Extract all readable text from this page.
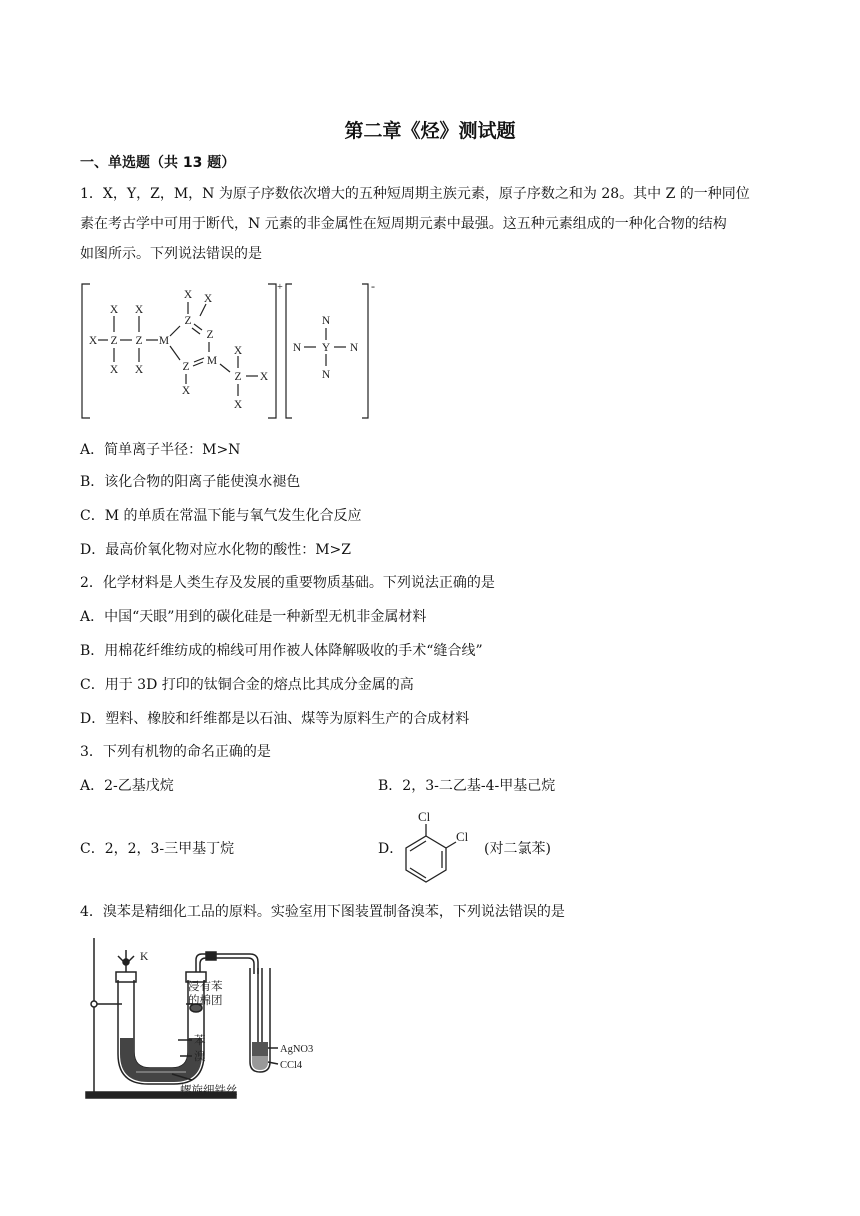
第二章《烃》测试题
一、单选题（共 13 题）
1．X，Y，Z，M，N 为原子序数依次增大的五种短周期主族元素，原子序数之和为 28。其中 Z 的一种同位
素在考古学中可用于断代，N 元素的非金属性在短周期元素中最强。这五种元素组成的一种化合物的结构
如图所示。下列说法错误的是
X Z Z M
X X
X X
X X
Z
Z
M
Z
X
X
Z X
X
N
N Y N
N
+	-
A．简单离子半径：M>N
B．该化合物的阳离子能使溴水褪色
C．M 的单质在常温下能与氧气发生化合反应
D．最高价氧化物对应水化物的酸性：M>Z
2．化学材料是人类生存及发展的重要物质基础。下列说法正确的是
A．中国“天眼”用到的碳化硅是一种新型无机非金属材料
B．用棉花纤维纺成的棉线可用作被人体降解吸收的手术“缝合线”
C．用于 3D 打印的钛铜合金的熔点比其成分金属的高
D．塑料、橡胶和纤维都是以石油、煤等为原料生产的合成材料
3．下列有机物的命名正确的是
A．2-乙基戊烷	B．2，3-二乙基-4-甲基己烷
C．2，2，3-三甲基丁烷	D．
Cl
Cl
(对二氯苯)
4．溴苯是精细化工品的原料。实验室用下图装置制备溴苯，下列说法错误的是
K
浸有苯的棉团
苯
溴
螺旋细铁丝
AgNO3
CCl4
